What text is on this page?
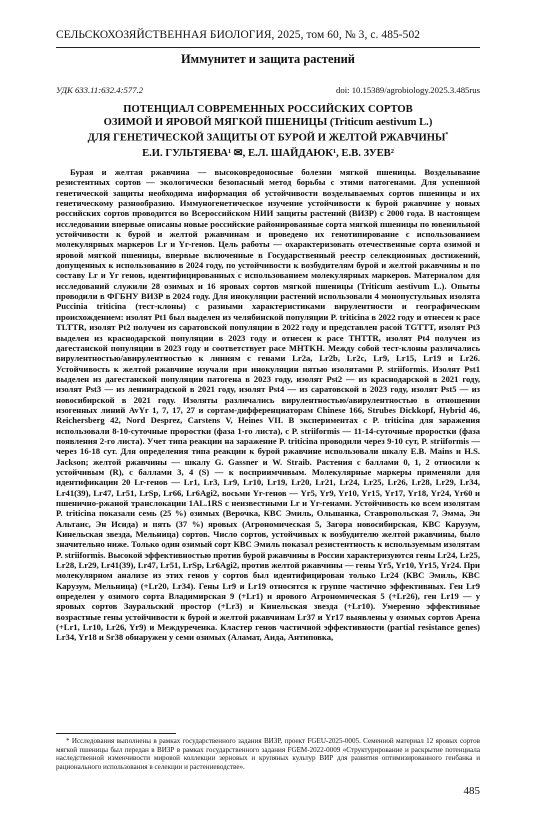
СЕЛЬСКОХОЗЯЙСТВЕННАЯ БИОЛОГИЯ, 2025, том 60, № 3, с. 485-502
Иммунитет и защита растений
УДК 633.11:632.4:577.2	doi: 10.15389/agrobiology.2025.3.485rus
ПОТЕНЦИАЛ СОВРЕМЕННЫХ РОССИЙСКИХ СОРТОВ
ОЗИМОЙ И ЯРОВОЙ МЯГКОЙ ПШЕНИЦЫ (Triticum aestivum L.)
ДЛЯ ГЕНЕТИЧЕСКОЙ ЗАЩИТЫ ОТ БУРОЙ И ЖЕЛТОЙ РЖАВЧИНЫ*
Е.И. ГУЛЬТЯЕВА¹ ✉, Е.Л. ШАЙДАЮК¹, Е.В. ЗУЕВ²

Бурая и желтая ржавчина — высоковредоносные болезни мягкой пшеницы. Возделывание резистентных сортов — экологически безопасный метод борьбы с этими патогенами. Для успешной генетической защиты необходима информация об устойчивости возделываемых сортов пшеницы и их генетическому разнообразию. Иммуногенетическое изучение устойчивости к бурой ржавчине у новых российских сортов проводится во Всероссийском НИИ защиты растений (ВИЗР) с 2000 года. В настоящем исследовании впервые описаны новые российские районированные сорта мягкой пшеницы по ювенильной устойчивости к бурой и желтой ржавчинам и проведено их генотипирование с использованием молекулярных маркеров Lr и Yr-генов. Цель работы — охарактеризовать отечественные сорта озимой и яровой мягкой пшеницы, впервые включенные в Государственный реестр селекционных достижений, допущенных к использованию в 2024 году, по устойчивости к возбудителям бурой и желтой ржавчины и по составу Lr и Yr генов, идентифицированных с использованием молекулярных маркеров. Материалом для исследований служили 28 озимых и 16 яровых сортов мягкой пшеницы (Triticum aestivum L.). Опыты проводили в ФГБНУ ВИЗР в 2024 году. Для инокуляции растений использовали 4 монопустульных изолята Puccinia triticina (тест-клоны) с разными характеристиками вирулентности и географическим происхождением: изолят Pt1 был выделен из челябинской популяции P. triticina в 2022 году и отнесен к расе TLTTR, изолят Pt2 получен из саратовской популяции в 2022 году и представлен расой TGTTT, изолят Pt3 выделен из краснодарской популяции в 2023 году и отнесен к расе THTTR, изолят Pt4 получен из дагестанской популяции в 2023 году и соответствует расе MHTKH. Между собой тест-клоны различались вирулентностью/авирулентностью к линиям с генами Lr2a, Lr2b, Lr2c, Lr9, Lr15, Lr19 и Lr26. Устойчивость к желтой ржавчине изучали при инокуляции пятью изолятами P. striiformis. Изолят Pst1 выделен из дагестанской популяции патогена в 2023 году, изолят Pst2 — из краснодарской в 2021 году, изолят Pst3 — из ленинградской в 2021 году, изолят Pst4 — из саратовской в 2023 году, изолят Pst5 — из новосибирской в 2021 году. Изоляты различались вирулентностью/авирулентностью в отношении изогенных линий AvYr 1, 7, 17, 27 и сортам-дифференциаторам Chinese 166, Strubes Dickkopf, Hybrid 46, Reichersberg 42, Nord Desprez, Carstens V, Heines VII. В экспериментах с P. triticina для заражения использовали 8-10-суточные проростки (фаза 1-го листа), с P. striiformis — 11-14-суточные проростки (фаза появления 2-го листа). Учет типа реакции на заражение P. triticina проводили через 9-10 сут, P. striiformis — через 16-18 сут. Для определения типа реакции к бурой ржавчине использовали шкалу E.B. Mains и H.S. Jackson; желтой ржавчины — шкалу G. Gassner и W. Straib. Растения с баллами 0, 1, 2 относили к устойчивым (R), с баллами 3, 4 (S) — к восприимчивым. Молекулярные маркеры применяли для идентификации 20 Lr-генов — Lr1, Lr3, Lr9, Lr10, Lr19, Lr20, Lr21, Lr24, Lr25, Lr26, Lr28, Lr29, Lr34, Lr41(39), Lr47, Lr51, LrSp, Lr66, Lr6Agi2, восьми Yr-генов — Yr5, Yr9, Yr10, Yr15, Yr17, Yr18, Yr24, Yr60 и пшенично-ржаной транслокации 1AL.1RS с неизвестными Lr и Yr-генами. Устойчивость ко всем изолятам P. triticina показали семь (25 %) озимых (Верочка, КВС Эмиль, Ольшанка, Ставропольская 7, Эмма, Эн Альтаис, Эн Исида) и пять (37 %) яровых (Агрономическая 5, Загора новосибирская, КВС Карузум, Кинельская звезда, Мельница) сортов. Число сортов, устойчивых к возбудителю желтой ржавчины, было значительно ниже. Только один озимый сорт КВС Эмиль показал резистентность к используемым изолятам P. striiformis. Высокой эффективностью против бурой ржавчины в России характеризуются гены Lr24, Lr25, Lr28, Lr29, Lr41(39), Lr47, Lr51, LrSp, Lr6Agi2, против желтой ржавчины — гены Yr5, Yr10, Yr15, Yr24. При молекулярном анализе из этих генов у сортов был идентифицирован только Lr24 (КВС Эмиль, КВС Карузум, Мельница) (+Lr20, Lr34). Гены Lr9 и Lr19 относятся к группе частично эффективных. Ген Lr9 определен у озимого сорта Владимирская 9 (+Lr1) и ярового Агрономическая 5 (+Lr26), ген Lr19 — у яровых сортов Зауральский простор (+Lr3) и Кинельская звезда (+Lr10). Умеренно эффективные возрастные гены устойчивости к бурой и желтой ржавчинам Lr37 и Yr17 выявлены у озимых сортов Арена (+Lr1, Lr10, Lr26, Yr9) и Междуреченка. Кластер генов частичной эффективности (partial resistance genes) Lr34, Yr18 и Sr38 обнаружен у семи озимых (Аламат, Аида, Антиповка,

* Исследования выполнены в рамках государственного задания ВИЗР, проект FGEU-2025-0005. Семенной материал 12 яровых сортов мягкой пшеницы был передан в ВИЗР в рамках государственного задания FGEM-2022-0009 «Структурирование и раскрытие потенциала наследственной изменчивости мировой коллекции зерновых и крупяных культур ВИР для развития оптимизированного генбанка и рационального использования в селекции и растениеводстве».

485
